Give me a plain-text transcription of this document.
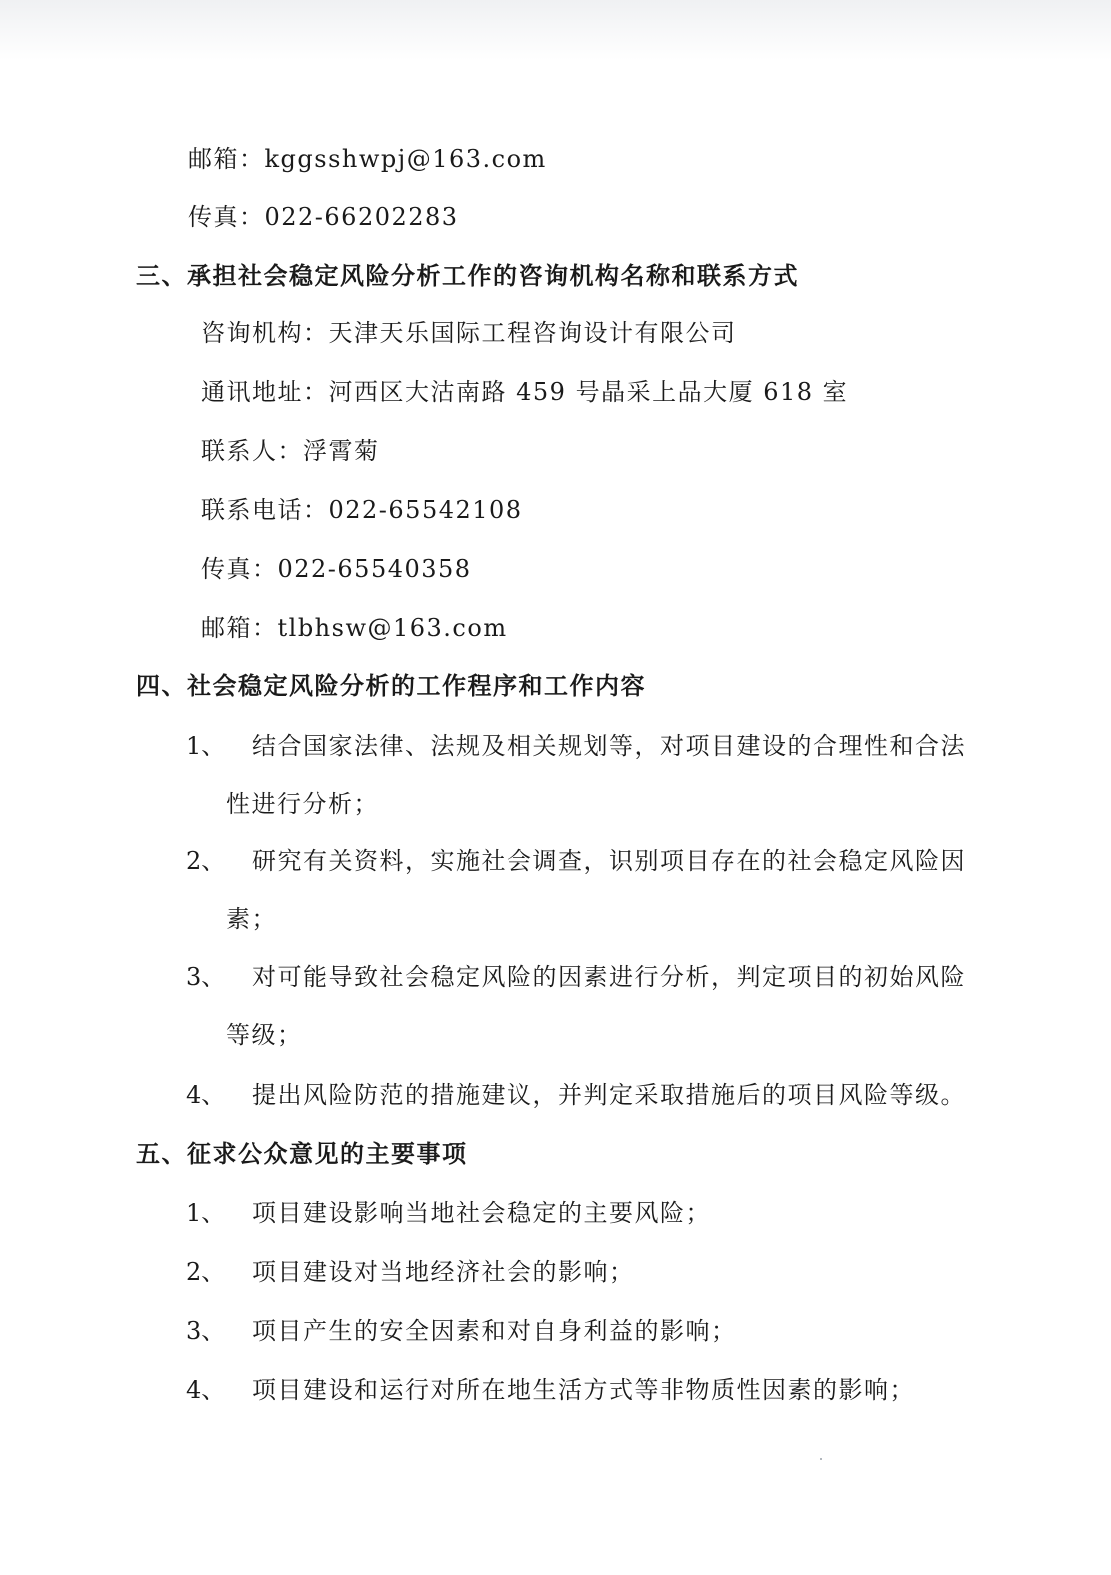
邮箱：kggsshwpj@163.com
传真：022-66202283
三、承担社会稳定风险分析工作的咨询机构名称和联系方式
咨询机构：天津天乐国际工程咨询设计有限公司
通讯地址：河西区大沽南路 459 号晶采上品大厦 618 室
联系人：浮霄菊
联系电话：022-65542108
传真：022-65540358
邮箱：tlbhsw@163.com
四、社会稳定风险分析的工作程序和工作内容
1、 结合国家法律、法规及相关规划等，对项目建设的合理性和合法
性进行分析；
2、 研究有关资料，实施社会调查，识别项目存在的社会稳定风险因
素；
3、 对可能导致社会稳定风险的因素进行分析，判定项目的初始风险
等级；
4、 提出风险防范的措施建议，并判定采取措施后的项目风险等级。
五、征求公众意见的主要事项
1、 项目建设影响当地社会稳定的主要风险；
2、 项目建设对当地经济社会的影响；
3、 项目产生的安全因素和对自身利益的影响；
4、 项目建设和运行对所在地生活方式等非物质性因素的影响；
